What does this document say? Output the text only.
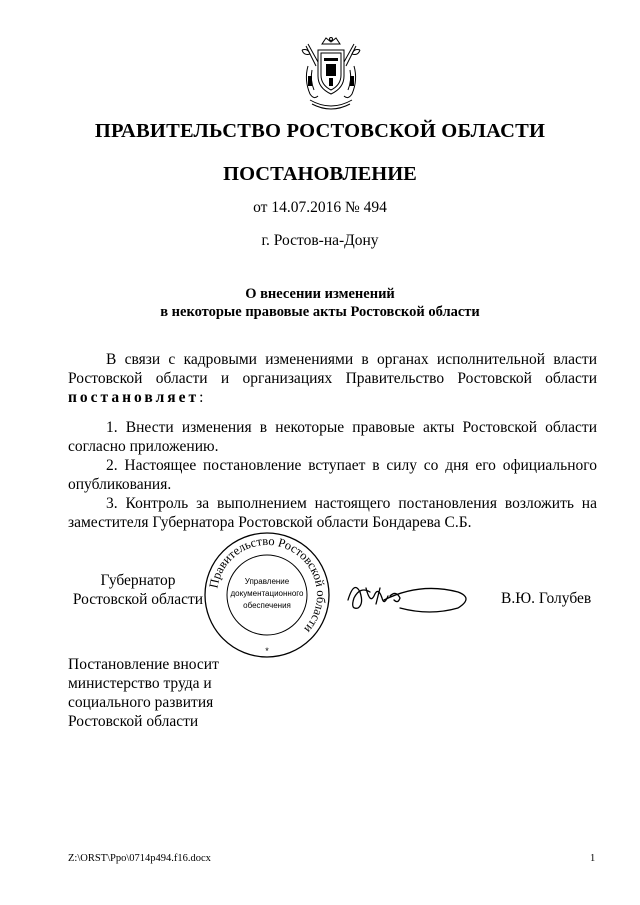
ПРАВИТЕЛЬСТВО РОСТОВСКОЙ ОБЛАСТИ
ПОСТАНОВЛЕНИЕ
от 14.07.2016 № 494
г. Ростов-на-Дону
О внесении изменений
в некоторые правовые акты Ростовской области
В связи с кадровыми изменениями в органах исполнительной власти Ростовской области и организациях Правительство Ростовской области постановляет:

1. Внести изменения в некоторые правовые акты Ростовской области согласно приложению.

2. Настоящее постановление вступает в силу со дня его официального опубликования.

3. Контроль за выполнением настоящего постановления возложить на заместителя Губернатора Ростовской области Бондарева С.Б.

Губернатор
Ростовской области
Правительство Ростовской области
Управление
документационного
обеспечения
*
В.Ю. Голубев
Постановление вносит
министерство труда и
социального развития
Ростовской области
Z:\ORST\Ppo\0714p494.f16.docx	1
